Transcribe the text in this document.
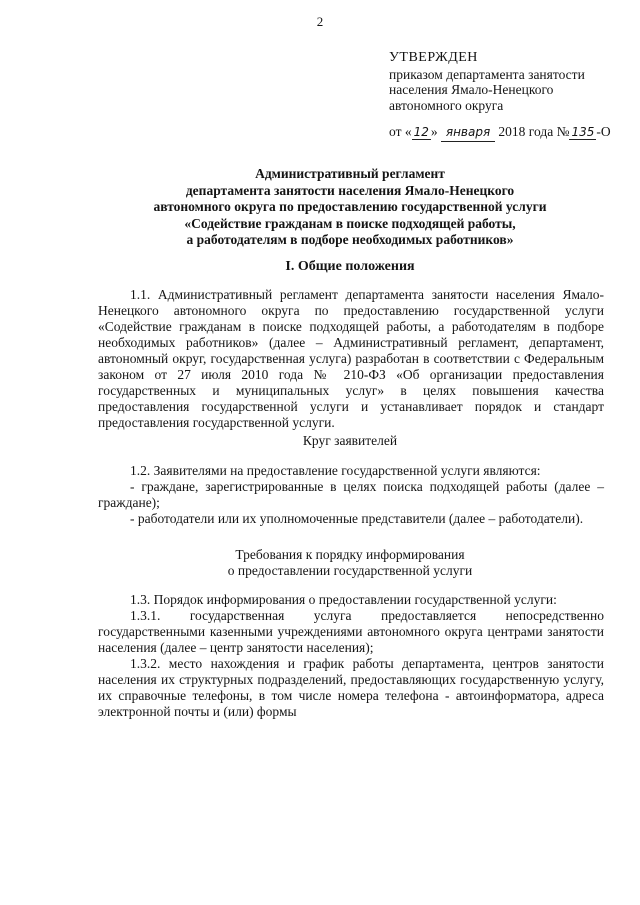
2
УТВЕРЖДЕН
приказом департамента занятости
населения Ямало-Ненецкого
автономного округа
от « 12 » января 2018 года № 135 -О
Административный регламент
департамента занятости населения Ямало-Ненецкого
автономного округа по предоставлению государственной услуги
«Содействие гражданам в поиске подходящей работы,
а работодателям в подборе необходимых работников»
I. Общие положения

1.1. Административный регламент департамента занятости населения Ямало-Ненецкого автономного округа по предоставлению государственной услуги «Содействие гражданам в поиске подходящей работы, а работодателям в подборе необходимых работников» (далее – Административный регламент, департамент, автономный округ, государственная услуга) разработан в соответствии с Федеральным законом от 27 июля 2010 года № 210-ФЗ «Об организации предоставления государственных и муниципальных услуг» в целях повышения качества предоставления государственной услуги и устанавливает порядок и стандарт предоставления государственной услуги.

Круг заявителей

1.2. Заявителями на предоставление государственной услуги являются:

- граждане, зарегистрированные в целях поиска подходящей работы (далее – граждане);

- работодатели или их уполномоченные представители (далее – работодатели).

Требования к порядку информирования
о предоставлении государственной услуги

1.3. Порядок информирования о предоставлении государственной услуги:

1.3.1. государственная услуга предоставляется непосредственно государственными казенными учреждениями автономного округа центрами занятости населения (далее – центр занятости населения);

1.3.2. место нахождения и график работы департамента, центров занятости населения их структурных подразделений, предоставляющих государственную услугу, их справочные телефоны, в том числе номера телефона - автоинформатора, адреса электронной почты и (или) формы
